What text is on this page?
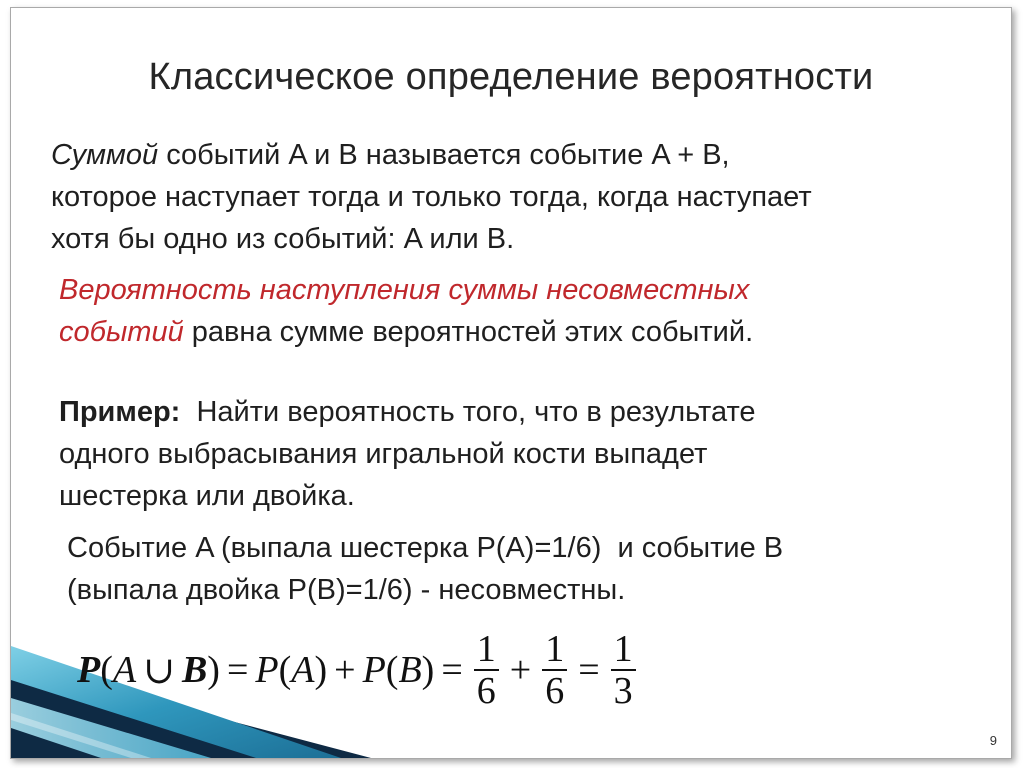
Классическое определение вероятности
Суммой событий A и B называется событие A + B,
которое наступает тогда и только тогда, когда наступает
хотя бы одно из событий: A или B.
Вероятность наступления суммы несовместных
событий равна сумме вероятностей этих событий.
Пример:  Найти вероятность того, что в результате
одного выбрасывания игральной кости выпадет
шестерка или двойка.
Событие A (выпала шестерка P(A)=1/6)  и событие B
(выпала двойка P(B)=1/6) - несовместны.
P ( A ∪ B ) = P ( A ) + P ( B ) = $\frac{1}{6} + \frac{1}{6} = \frac{1}{3}$
9
